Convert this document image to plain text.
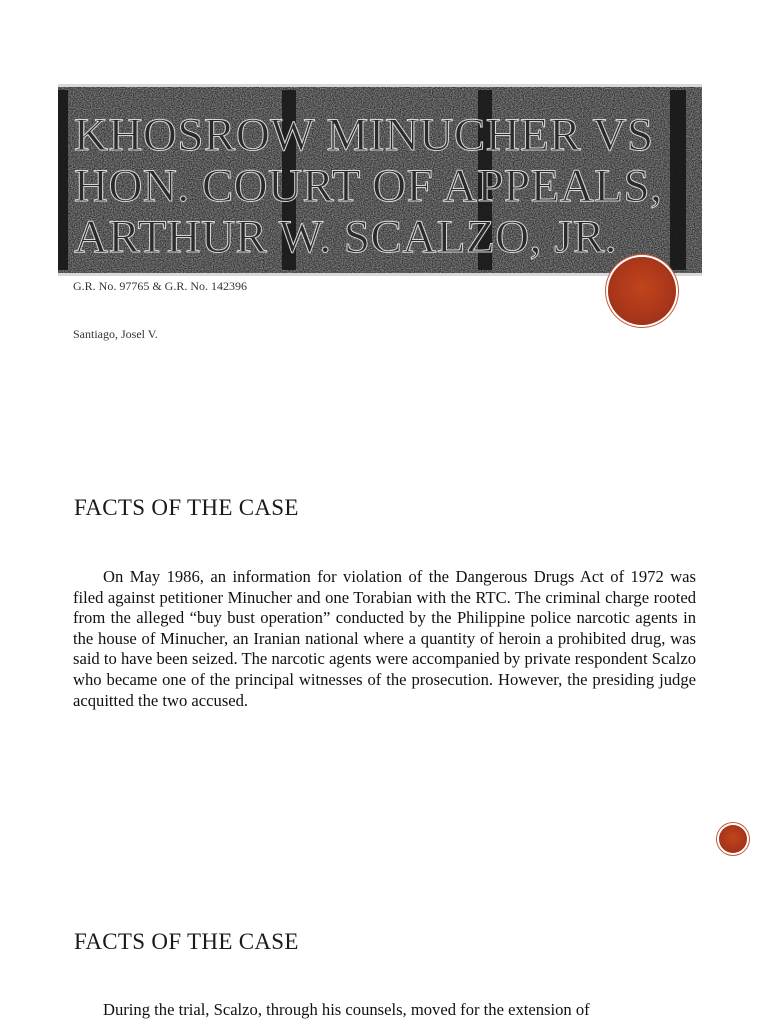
KHOSROW MINUCHER VS HON. COURT OF APPEALS, ARTHUR W. SCALZO, JR.

G.R. No. 97765 & G.R. No. 142396

Santiago, Josel V.

FACTS OF THE CASE

On May 1986, an information for violation of the Dangerous Drugs Act of 1972 was filed against petitioner Minucher and one Torabian with the RTC. The criminal charge rooted from the alleged “buy bust operation” conducted by the Philippine police narcotic agents in the house of Minucher, an Iranian national where a quantity of heroin a prohibited drug, was said to have been seized. The narcotic agents were accompanied by private respondent Scalzo who became one of the principal witnesses of the prosecution. However, the presiding judge acquitted the two accused.

FACTS OF THE CASE

During the trial, Scalzo, through his counsels, moved for the extension of
